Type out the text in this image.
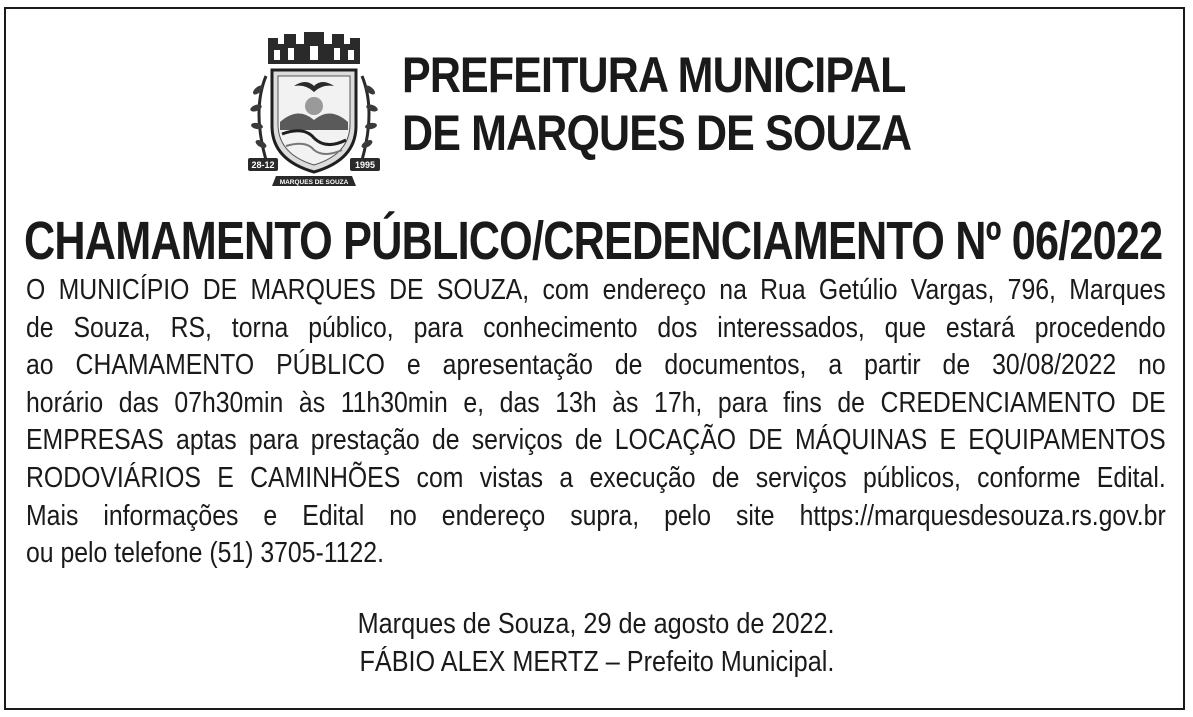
28-12	1995
MARQUES DE SOUZA
PREFEITURA MUNICIPAL
DE MARQUES DE SOUZA
CHAMAMENTO PÚBLICO/CREDENCIAMENTO Nº 06/2022
O MUNICÍPIO DE MARQUES DE SOUZA, com endereço na Rua Getúlio Vargas, 796, Marques
de Souza, RS, torna público, para conhecimento dos interessados, que estará procedendo
ao CHAMAMENTO PÚBLICO e apresentação de documentos, a partir de 30/08/2022 no
horário das 07h30min às 11h30min e, das 13h às 17h, para fins de CREDENCIAMENTO DE
EMPRESAS aptas para prestação de serviços de LOCAÇÃO DE MÁQUINAS E EQUIPAMENTOS
RODOVIÁRIOS E CAMINHÕES com vistas a execução de serviços públicos, conforme Edital.
Mais informações e Edital no endereço supra, pelo site https://marquesdesouza.rs.gov.br
ou pelo telefone (51) 3705-1122.
Marques de Souza, 29 de agosto de 2022.
FÁBIO ALEX MERTZ – Prefeito Municipal.
